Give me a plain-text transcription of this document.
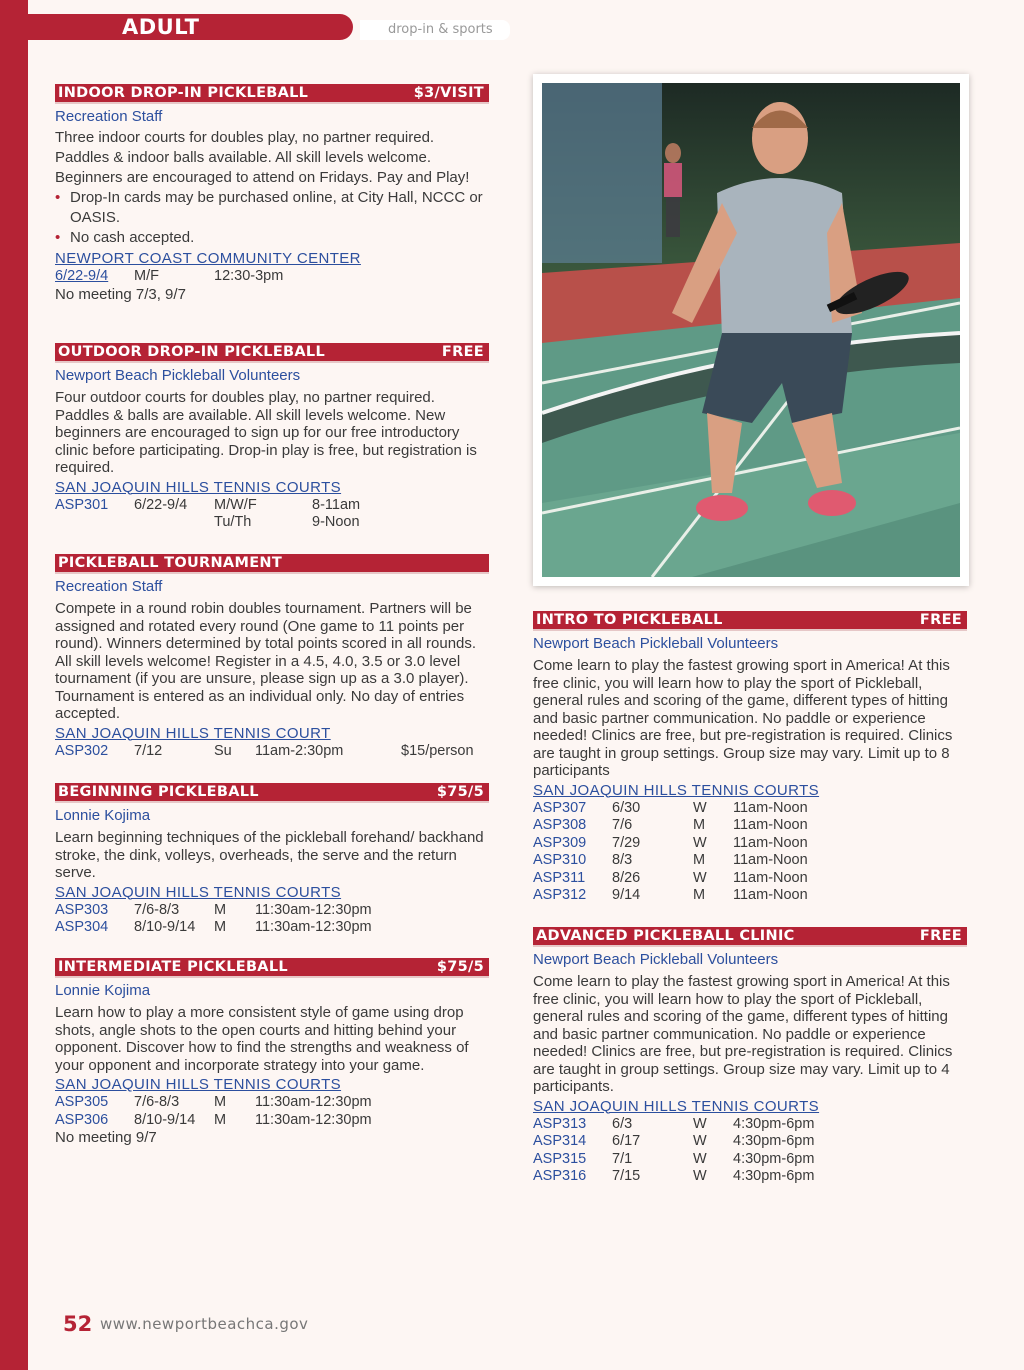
ADULT	drop-in & sports
INDOOR DROP-IN PICKLEBALL	$3/VISIT
Recreation Staff
Three indoor courts for doubles play, no partner required. Paddles & indoor balls available. All skill levels welcome. Beginners are encouraged to attend on Fridays. Pay and Play!
• Drop-In cards may be purchased online, at City Hall, NCCC or OASIS.
• No cash accepted.
NEWPORT COAST COMMUNITY CENTER
6/22-9/4 M/F	12:30-3pm
No meeting 7/3, 9/7
OUTDOOR DROP-IN PICKLEBALL	FREE
Newport Beach Pickleball Volunteers
Four outdoor courts for doubles play, no partner required. Paddles & balls are available. All skill levels welcome. New beginners are encouraged to sign up for our free introductory clinic before participating. Drop-in play is free, but registration is required.
SAN JOAQUIN HILLS TENNIS COURTS
ASP301 6/22-9/4 M/W/F	8-11am
Tu/Th	9-Noon
PICKLEBALL TOURNAMENT
Recreation Staff
Compete in a round robin doubles tournament. Partners will be assigned and rotated every round (One game to 11 points per round). Winners determined by total points scored in all rounds. All skill levels welcome! Register in a 4.5, 4.0, 3.5 or 3.0 level tournament (if you are unsure, please sign up as a 3.0 player). Tournament is entered as an individual only. No day of entries accepted.
SAN JOAQUIN HILLS TENNIS COURT
ASP302 7/12	Su 11am-2:30pm	$15/person
BEGINNING PICKLEBALL	$75/5
Lonnie Kojima
Learn beginning techniques of the pickleball forehand/ backhand stroke, the dink, volleys, overheads, the serve and the return serve.
SAN JOAQUIN HILLS TENNIS COURTS
ASP303 7/6-8/3 M 11:30am-12:30pm
ASP304 8/10-9/14 M 11:30am-12:30pm
INTERMEDIATE PICKLEBALL	$75/5
Lonnie Kojima
Learn how to play a more consistent style of game using drop shots, angle shots to the open courts and hitting behind your opponent. Discover how to find the strengths and weakness of your opponent and incorporate strategy into your game.
SAN JOAQUIN HILLS TENNIS COURTS
ASP305 7/6-8/3 M 11:30am-12:30pm
ASP306 8/10-9/14 M 11:30am-12:30pm
No meeting 9/7
INTRO TO PICKLEBALL	FREE
Newport Beach Pickleball Volunteers
Come learn to play the fastest growing sport in America! At this free clinic, you will learn how to play the sport of Pickleball, general rules and scoring of the game, different types of hitting and basic partner communication. No paddle or experience needed! Clinics are free, but pre-registration is required. Clinics are taught in group settings. Group size may vary. Limit up to 8 participants
SAN JOAQUIN HILLS TENNIS COURTS
ASP307 6/30	W 11am-Noon
ASP308 7/6	M 11am-Noon
ASP309 7/29	W 11am-Noon
ASP310 8/3	M 11am-Noon
ASP311 8/26	W 11am-Noon
ASP312 9/14	M 11am-Noon
ADVANCED PICKLEBALL CLINIC	FREE
Newport Beach Pickleball Volunteers
Come learn to play the fastest growing sport in America! At this free clinic, you will learn how to play the sport of Pickleball, general rules and scoring of the game, different types of hitting and basic partner communication. No paddle or experience needed! Clinics are free, but pre-registration is required. Clinics are taught in group settings. Group size may vary. Limit up to 4 participants.
SAN JOAQUIN HILLS TENNIS COURTS
ASP313 6/3	W 4:30pm-6pm
ASP314 6/17	W 4:30pm-6pm
ASP315 7/1	W 4:30pm-6pm
ASP316 7/15	W 4:30pm-6pm
52 www.newportbeachca.gov
